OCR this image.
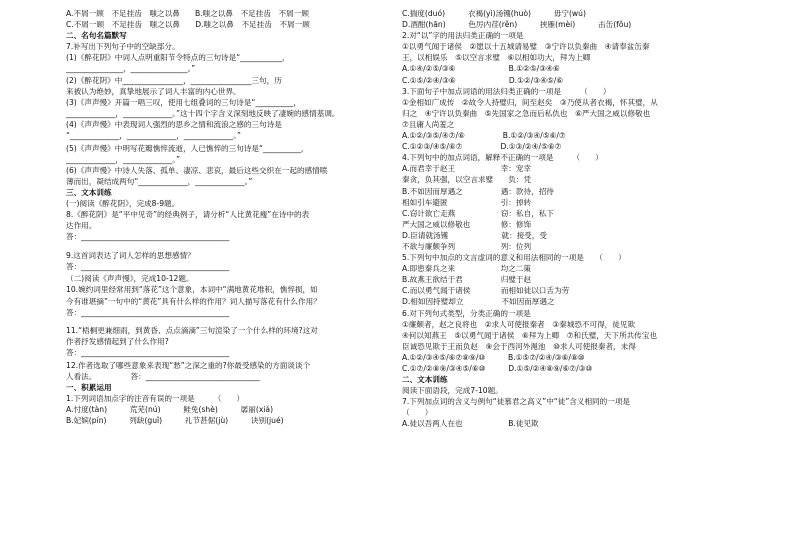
A.不屑一顾　不足挂齿　嗤之以鼻　　B.嗤之以鼻　不足挂齿　不屑一顾
C.不屑一顾　不足挂齿　嗤之以鼻　　D.嗤之以鼻　不足挂齿　不屑一顾
二、名句名篇默写
7.补写出下列句子中的空缺部分。
(1)《醉花阴》中词人点明重阳节令特点的三句诗是“___________，
_______________，_______________。”
(2)《醉花阴》中________________，________________三句，历
来被认为绝妙，真挚地展示了词人丰富的内心世界。
(3)《声声慢》开篇一唱三叹，使用七组叠词的三句诗是“__________，
_____________，_____________。”这十四个字含义深刻地反映了凄婉的感情基调。
(4)《声声慢》中表现词人强烈的思乡之情和流浪之感的三句诗是
“_____________，_____________，_____________。”
(5)《声声慢》中明写花瓣憔悴流逝，人已憔悴的三句诗是“__________，
_____________，_____________。”
(6)《声声慢》中诗人失落、孤单、凄凉、悲哀，最后这些交织在一起的感情喷
薄而出，凝结成两句“_____________，_____________。”
三、文本训练
(一)阅读《醉花阴》，完成8-9题。
8.《醉花阴》是“平中见奇”的经典例子，请分析“人比黄花瘦”在诗中的表
达作用。
答：_______________________________________
9.这首词表达了词人怎样的思想感情？
答：_______________________________________
（二)阅读《声声慢》，完成10-12题。
10.婉约词里经常用到“落花”这个意象，本词中“满地黄花堆积，憔悴损，如
今有谁堪摘”一句中的“黄花”具有什么样的作用？词人描写落花有什么作用？
答：_______________________________________
11.“梧桐更兼细雨，到黄昏、点点滴滴”三句渲染了一个什么样的环境?这对
作者抒发感情起到了什么作用?
答：_______________________________________
12.作者选取了哪些意象来表现“愁”之深之重的?你最受感染的方面谈谈个
人看法。　　　　　答：______________________________
一、积累运用
1.下列词语加点字的注音有误的一项是　　　（　　）
A.忖度(tàn)　　　荒芜(nú)　　　鲑免(shè)　　　孱丽(xiá)
B.妃嫔(pín)　　　列缺(guǐ)　　　礼节甚倨(jù)　　　诀别(jué)
C.揣度(duó)　　　衣褐(yì)汤镬(huò)　　　毋宁(wú)
D.酒酣(hān)　　　色厉内荏(rěn)　　　挟雁(mèi)　　　击缶(fǒu)
2.对“以”字的用法归类正确的一项是
①以勇气闻于诸侯　②愿以十五城请易璧　③宁许以负秦曲　④请奉盆缶秦
王，以相娱乐　⑤以空言求璧　⑥以相如功大，拜为上卿
A.①④/②⑤/③⑥　　　　　　　B.①②⑤/③④⑥
C.①⑤/②④/③⑥　　　　　　　D.①②/③④⑤/⑥
3.下面句子中加点词语的用法归类正确的一项是　　　（　　）
①金相如广成传　②故令人持璧归，间至赵矣　③乃使从者衣褐，怀其璧，从
归之　④宁许以负秦曲　⑤先国家之急而后私仇也　⑥严大国之威以修敬也
⑦且庸人尚羞之
A.①②/③⑤/④⑦/⑥　　　　　B.①②/③④/⑤⑥/⑦
C.①②③/④⑤/⑥⑦　　　　　D.①③/②④/⑤⑥⑦
4.下列句中的加点词语，解释不正确的一项是　　　（　　）
A.而君幸于赵王　　　　　　幸：宠幸
秦贪，负其强，以空言求璧　　负：凭
B.不如因而厚遇之　　　　　遇：款待，招待
相如引车避匿　　　　　　　引：掉转
C.窃计欲亡走燕　　　　　　窃：私自，私下
严大国之威以修敬也　　　　修：修饰
D.臣请就汤镬　　　　　　　就：接受，受
不欲与廉颇争列　　　　　　列：位列
5.下列句中加点的文言虚词的意义和用法相同的一项是　　（　　）
A.即患秦兵之来　　　　　　均之二策
B.故燕王欲结于君　　　　　归璧于赵
C.而以勇气闻于诸侯　　　　而相如徒以口舌为劳
D.相如因持璧却立　　　　　不如因而厚遇之
6.对下列句式类型，分类正确的一项是
①廉颇者，赵之良将也　②求人可使报秦者　③秦城恐不可得，徒见欺
④何以知燕王　⑤以勇气闻于诸侯　⑥拜为上卿　⑦和氏璧，天下所共传宝也
臣诚恐见欺于王而负赵　⑨会于西河外渑池　⑩求人可使报秦者，未得
A.①②/③④⑤/⑥⑦⑧⑨/⑩　　　B.①⑤⑦/②④/③⑥/⑧⑩
C.①⑦/②⑧⑨/③④⑤/⑥⑩　　　D.①⑤/②④⑧⑨/⑥⑦/③⑩
二、文本训练
阅读下面语段，完成7-10题。
7.下列加点词的含义与例句“徒慕君之高义”中“徒”含义相同的一项是
（　　）
A.徒以吾两人在也　　　　　　B.徒见欺
